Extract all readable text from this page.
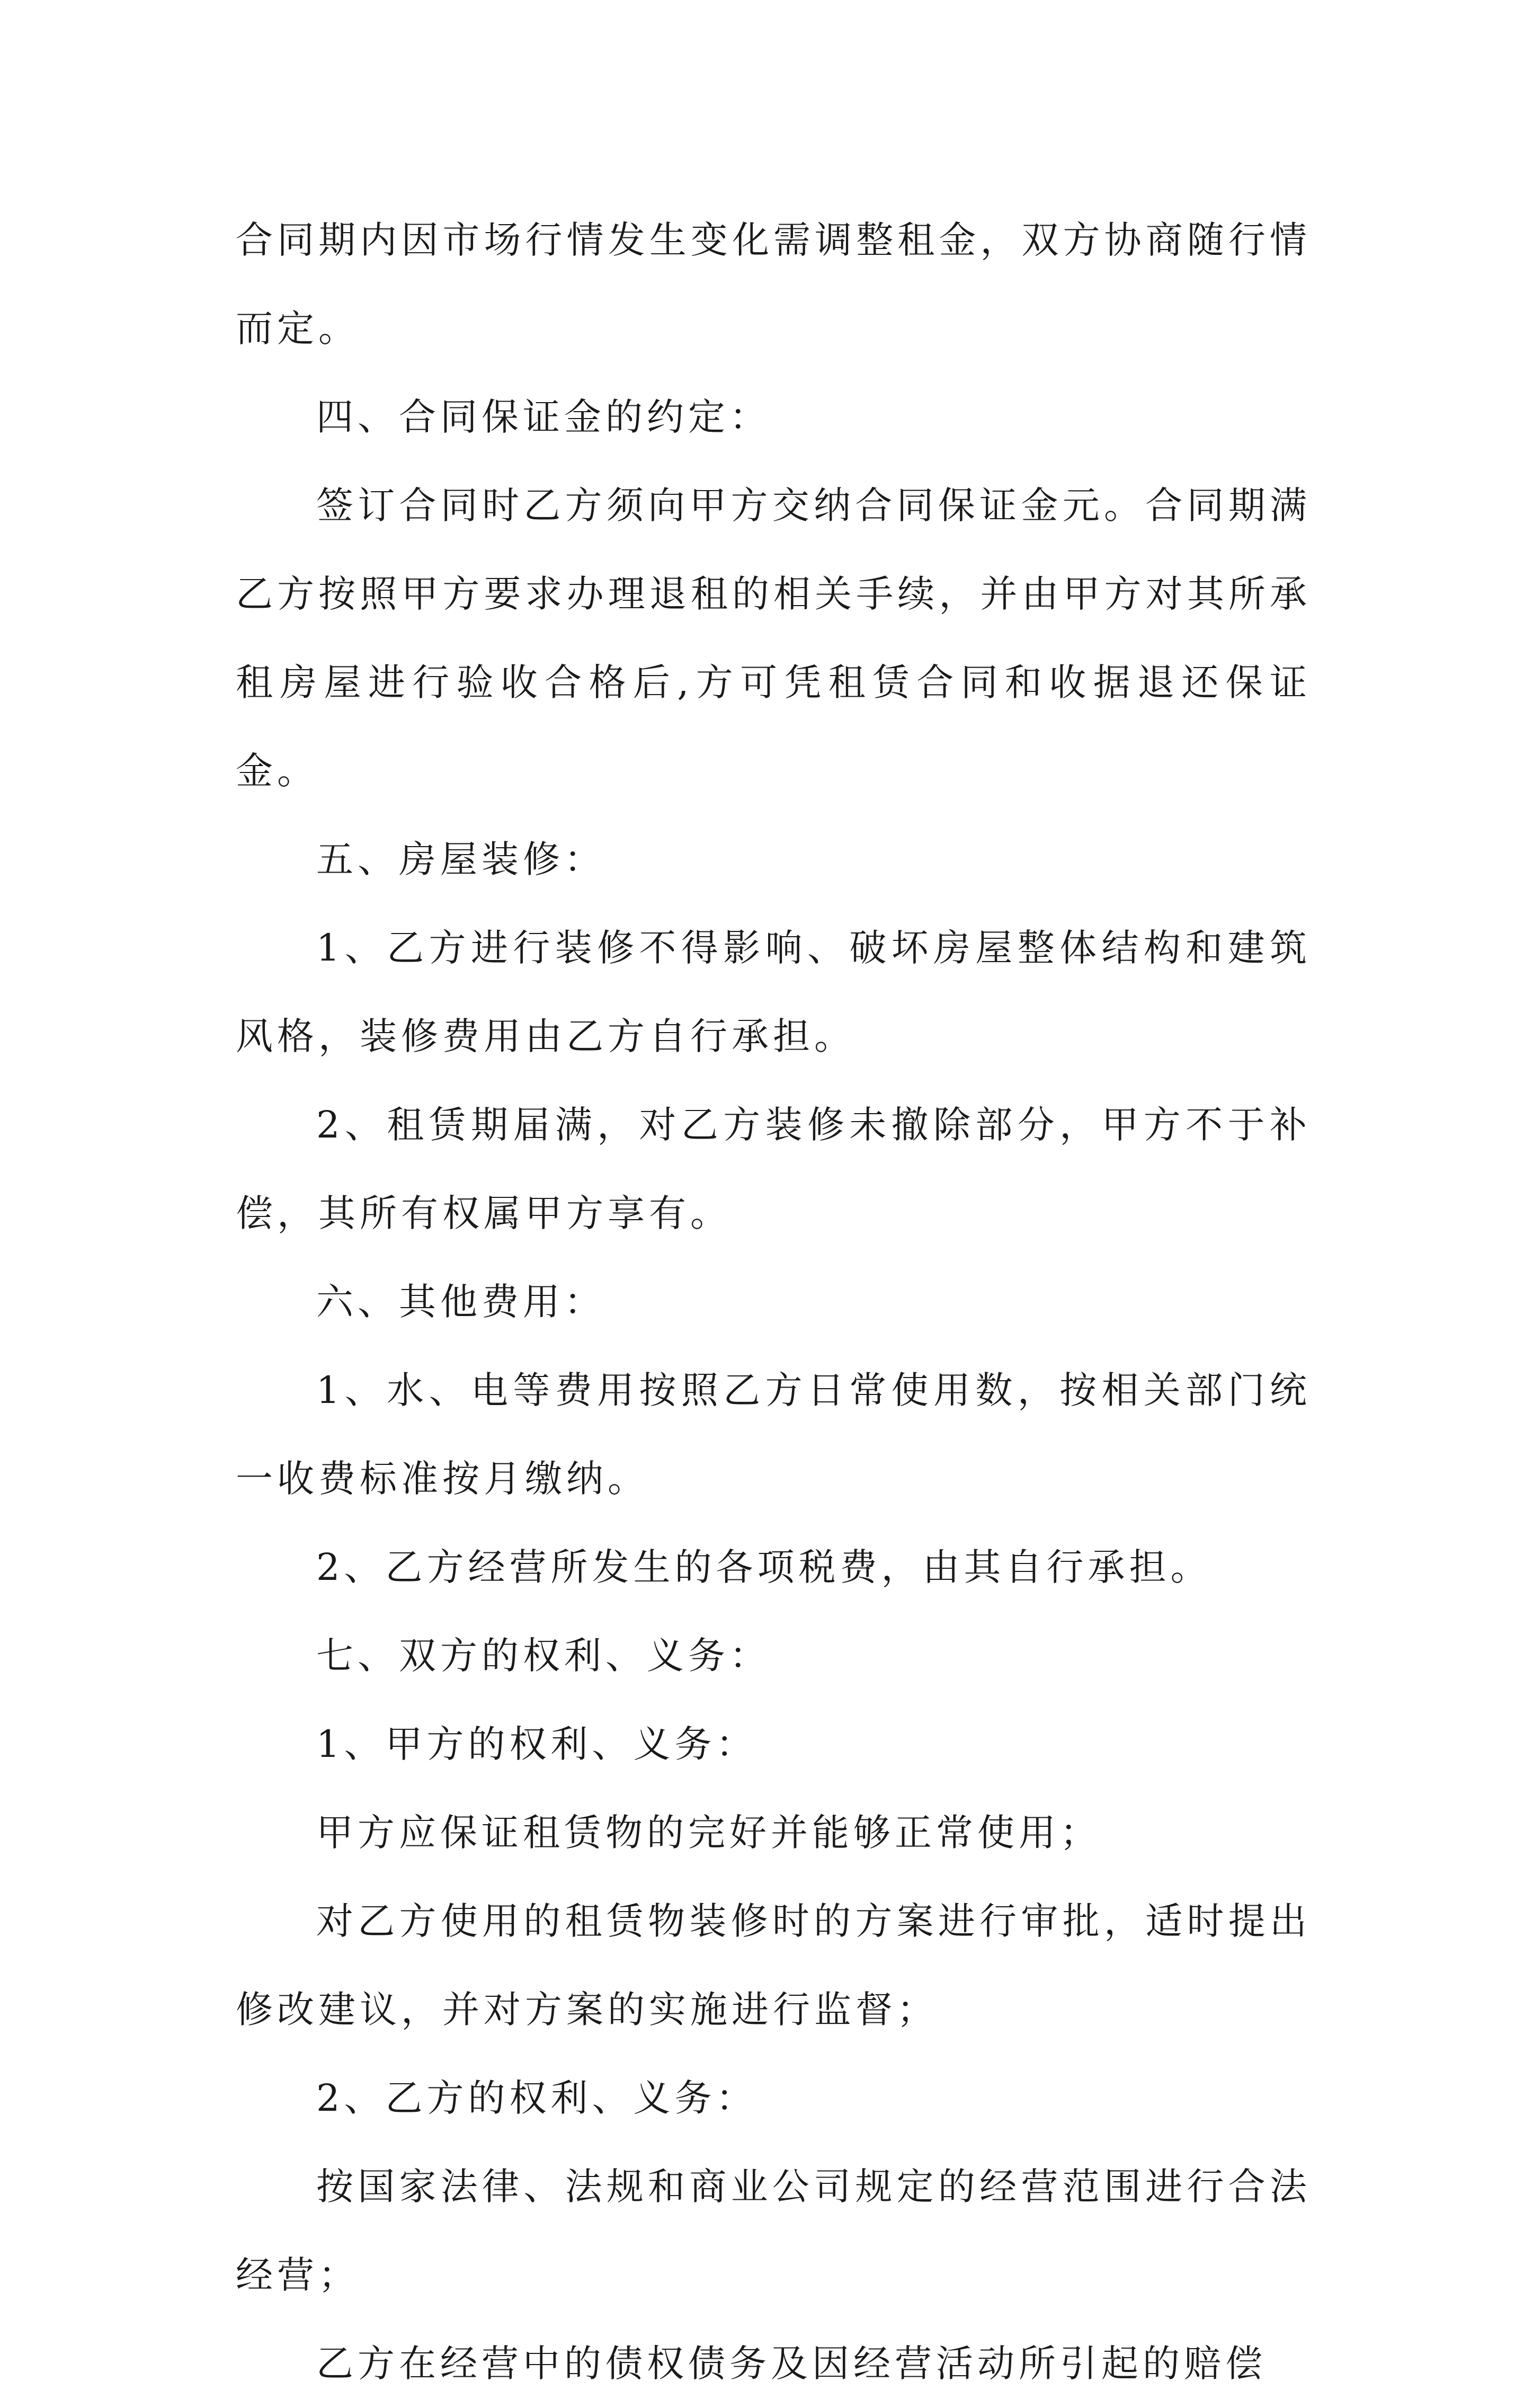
合同期内因市场行情发生变化需调整租金，双方协商随行情而定。

四、合同保证金的约定：

签订合同时乙方须向甲方交纳合同保证金元。合同期满乙方按照甲方要求办理退租的相关手续，并由甲方对其所承租房屋进行验收合格后,方可凭租赁合同和收据退还保证金。

五、房屋装修：

1、乙方进行装修不得影响、破坏房屋整体结构和建筑风格，装修费用由乙方自行承担。

2、租赁期届满，对乙方装修未撤除部分，甲方不于补偿，其所有权属甲方享有。

六、其他费用：

1、水、电等费用按照乙方日常使用数，按相关部门统一收费标准按月缴纳。

2、乙方经营所发生的各项税费，由其自行承担。

七、双方的权利、义务：

1、甲方的权利、义务：

甲方应保证租赁物的完好并能够正常使用；

对乙方使用的租赁物装修时的方案进行审批，适时提出修改建议，并对方案的实施进行监督；

2、乙方的权利、义务：

按国家法律、法规和商业公司规定的经营范围进行合法经营；

乙方在经营中的债权债务及因经营活动所引起的赔偿
